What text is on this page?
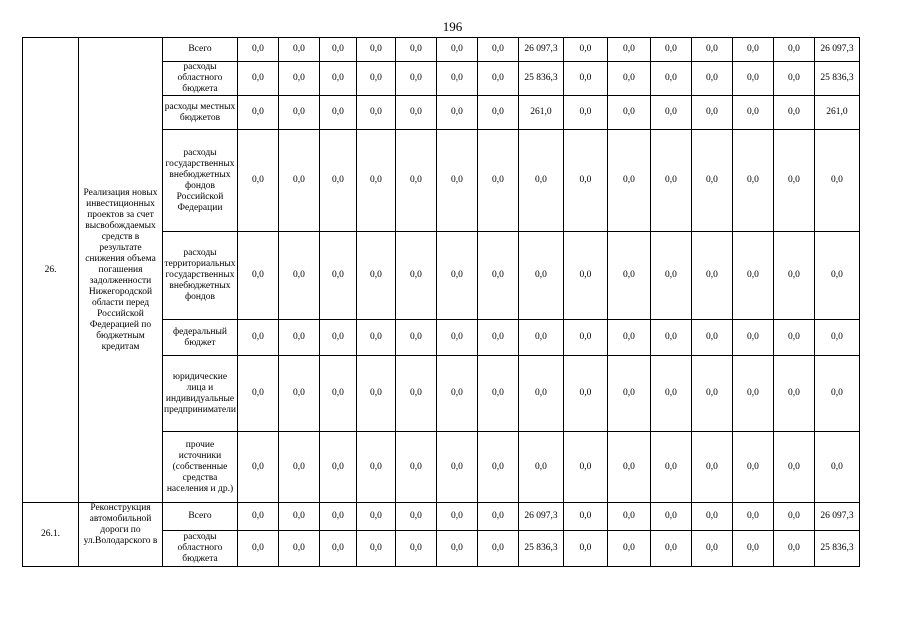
196
26.	Реализация новых инвестиционных проектов за счет высвобождаемых средств в результате снижения объема погашения задолженности Нижегородской области перед Российской Федерацией по бюджетным кредитам	Всего	0,0	0,0	0,0	0,0	0,0	0,0	0,0	26 097,3	0,0	0,0	0,0	0,0	0,0	0,0	26 097,3
		расходы областного бюджета	0,0	0,0	0,0	0,0	0,0	0,0	0,0	25 836,3	0,0	0,0	0,0	0,0	0,0	0,0	25 836,3
		расходы местных бюджетов	0,0	0,0	0,0	0,0	0,0	0,0	0,0	261,0	0,0	0,0	0,0	0,0	0,0	0,0	261,0
		расходы государственных внебюджетных фондов Российской Федерации	0,0	0,0	0,0	0,0	0,0	0,0	0,0	0,0	0,0	0,0	0,0	0,0	0,0	0,0	0,0
		расходы территориальных государственных внебюджетных фондов	0,0	0,0	0,0	0,0	0,0	0,0	0,0	0,0	0,0	0,0	0,0	0,0	0,0	0,0	0,0
		федеральный бюджет	0,0	0,0	0,0	0,0	0,0	0,0	0,0	0,0	0,0	0,0	0,0	0,0	0,0	0,0	0,0
		юридические лица и индивидуальные предприниматели	0,0	0,0	0,0	0,0	0,0	0,0	0,0	0,0	0,0	0,0	0,0	0,0	0,0	0,0	0,0
		прочие источники (собственные средства населения и др.)	0,0	0,0	0,0	0,0	0,0	0,0	0,0	0,0	0,0	0,0	0,0	0,0	0,0	0,0	0,0
26.1.	Реконструкция автомобильной дороги по ул.Володарского в	Всего	0,0	0,0	0,0	0,0	0,0	0,0	0,0	26 097,3	0,0	0,0	0,0	0,0	0,0	0,0	26 097,3
		расходы областного бюджета	0,0	0,0	0,0	0,0	0,0	0,0	0,0	25 836,3	0,0	0,0	0,0	0,0	0,0	0,0	25 836,3
